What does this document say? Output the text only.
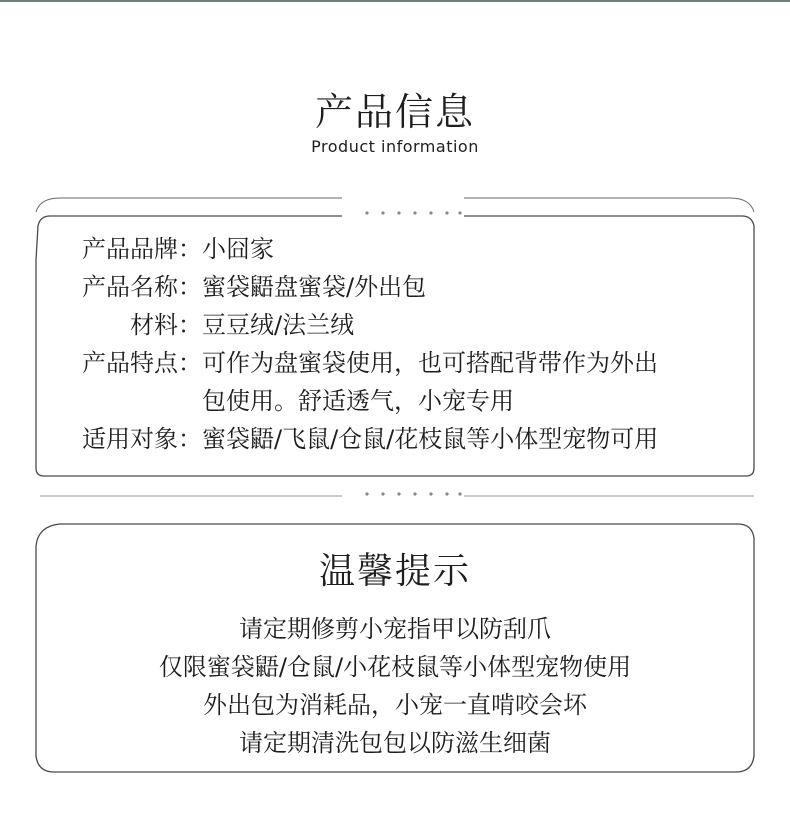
产品信息
Product information
产品品牌： 小囧家
产品名称： 蜜袋鼯盘蜜袋/外出包
材料： 豆豆绒/法兰绒
产品特点： 可作为盘蜜袋使用，也可搭配背带作为外出
包使用。舒适透气，小宠专用
适用对象： 蜜袋鼯/飞鼠/仓鼠/花枝鼠等小体型宠物可用
温馨提示
请定期修剪小宠指甲以防刮爪
仅限蜜袋鼯/仓鼠/小花枝鼠等小体型宠物使用
外出包为消耗品，小宠一直啃咬会坏
请定期清洗包包以防滋生细菌
